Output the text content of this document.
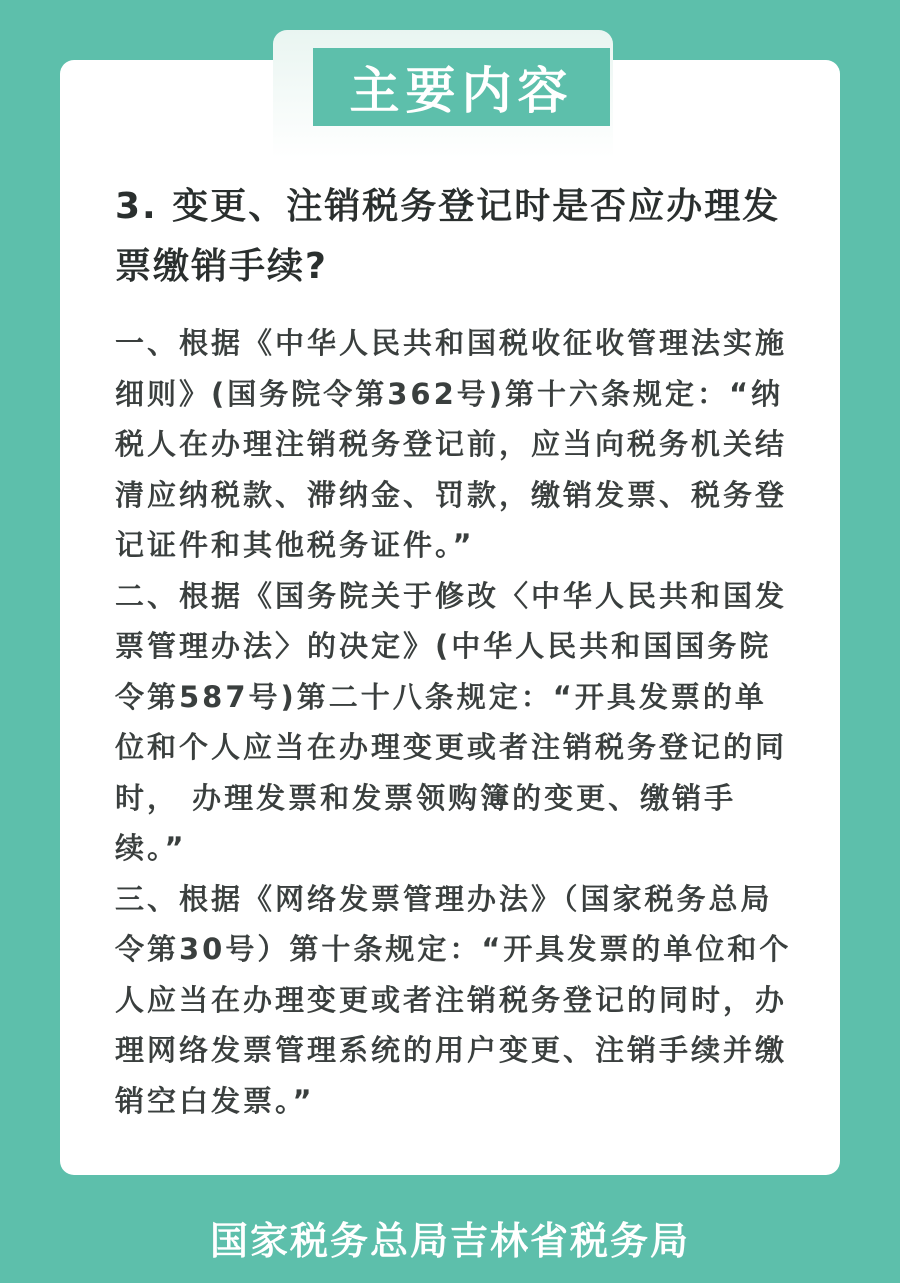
主要内容
3. 变更、注销税务登记时是否应办理发票缴销手续?

一、根据《中华人民共和国税收征收管理法实施细则》(国务院令第362号)第十六条规定：“纳税人在办理注销税务登记前，应当向税务机关结清应纳税款、滞纳金、罚款，缴销发票、税务登记证件和其他税务证件。”

二、根据《国务院关于修改〈中华人民共和国发票管理办法〉的决定》(中华人民共和国国务院令第587号)第二十八条规定：“开具发票的单位和个人应当在办理变更或者注销税务登记的同时， 办理发票和发票领购簿的变更、缴销手续。”

三、根据《网络发票管理办法》（国家税务总局令第30号）第十条规定：“开具发票的单位和个人应当在办理变更或者注销税务登记的同时，办理网络发票管理系统的用户变更、注销手续并缴销空白发票。”

国家税务总局吉林省税务局
